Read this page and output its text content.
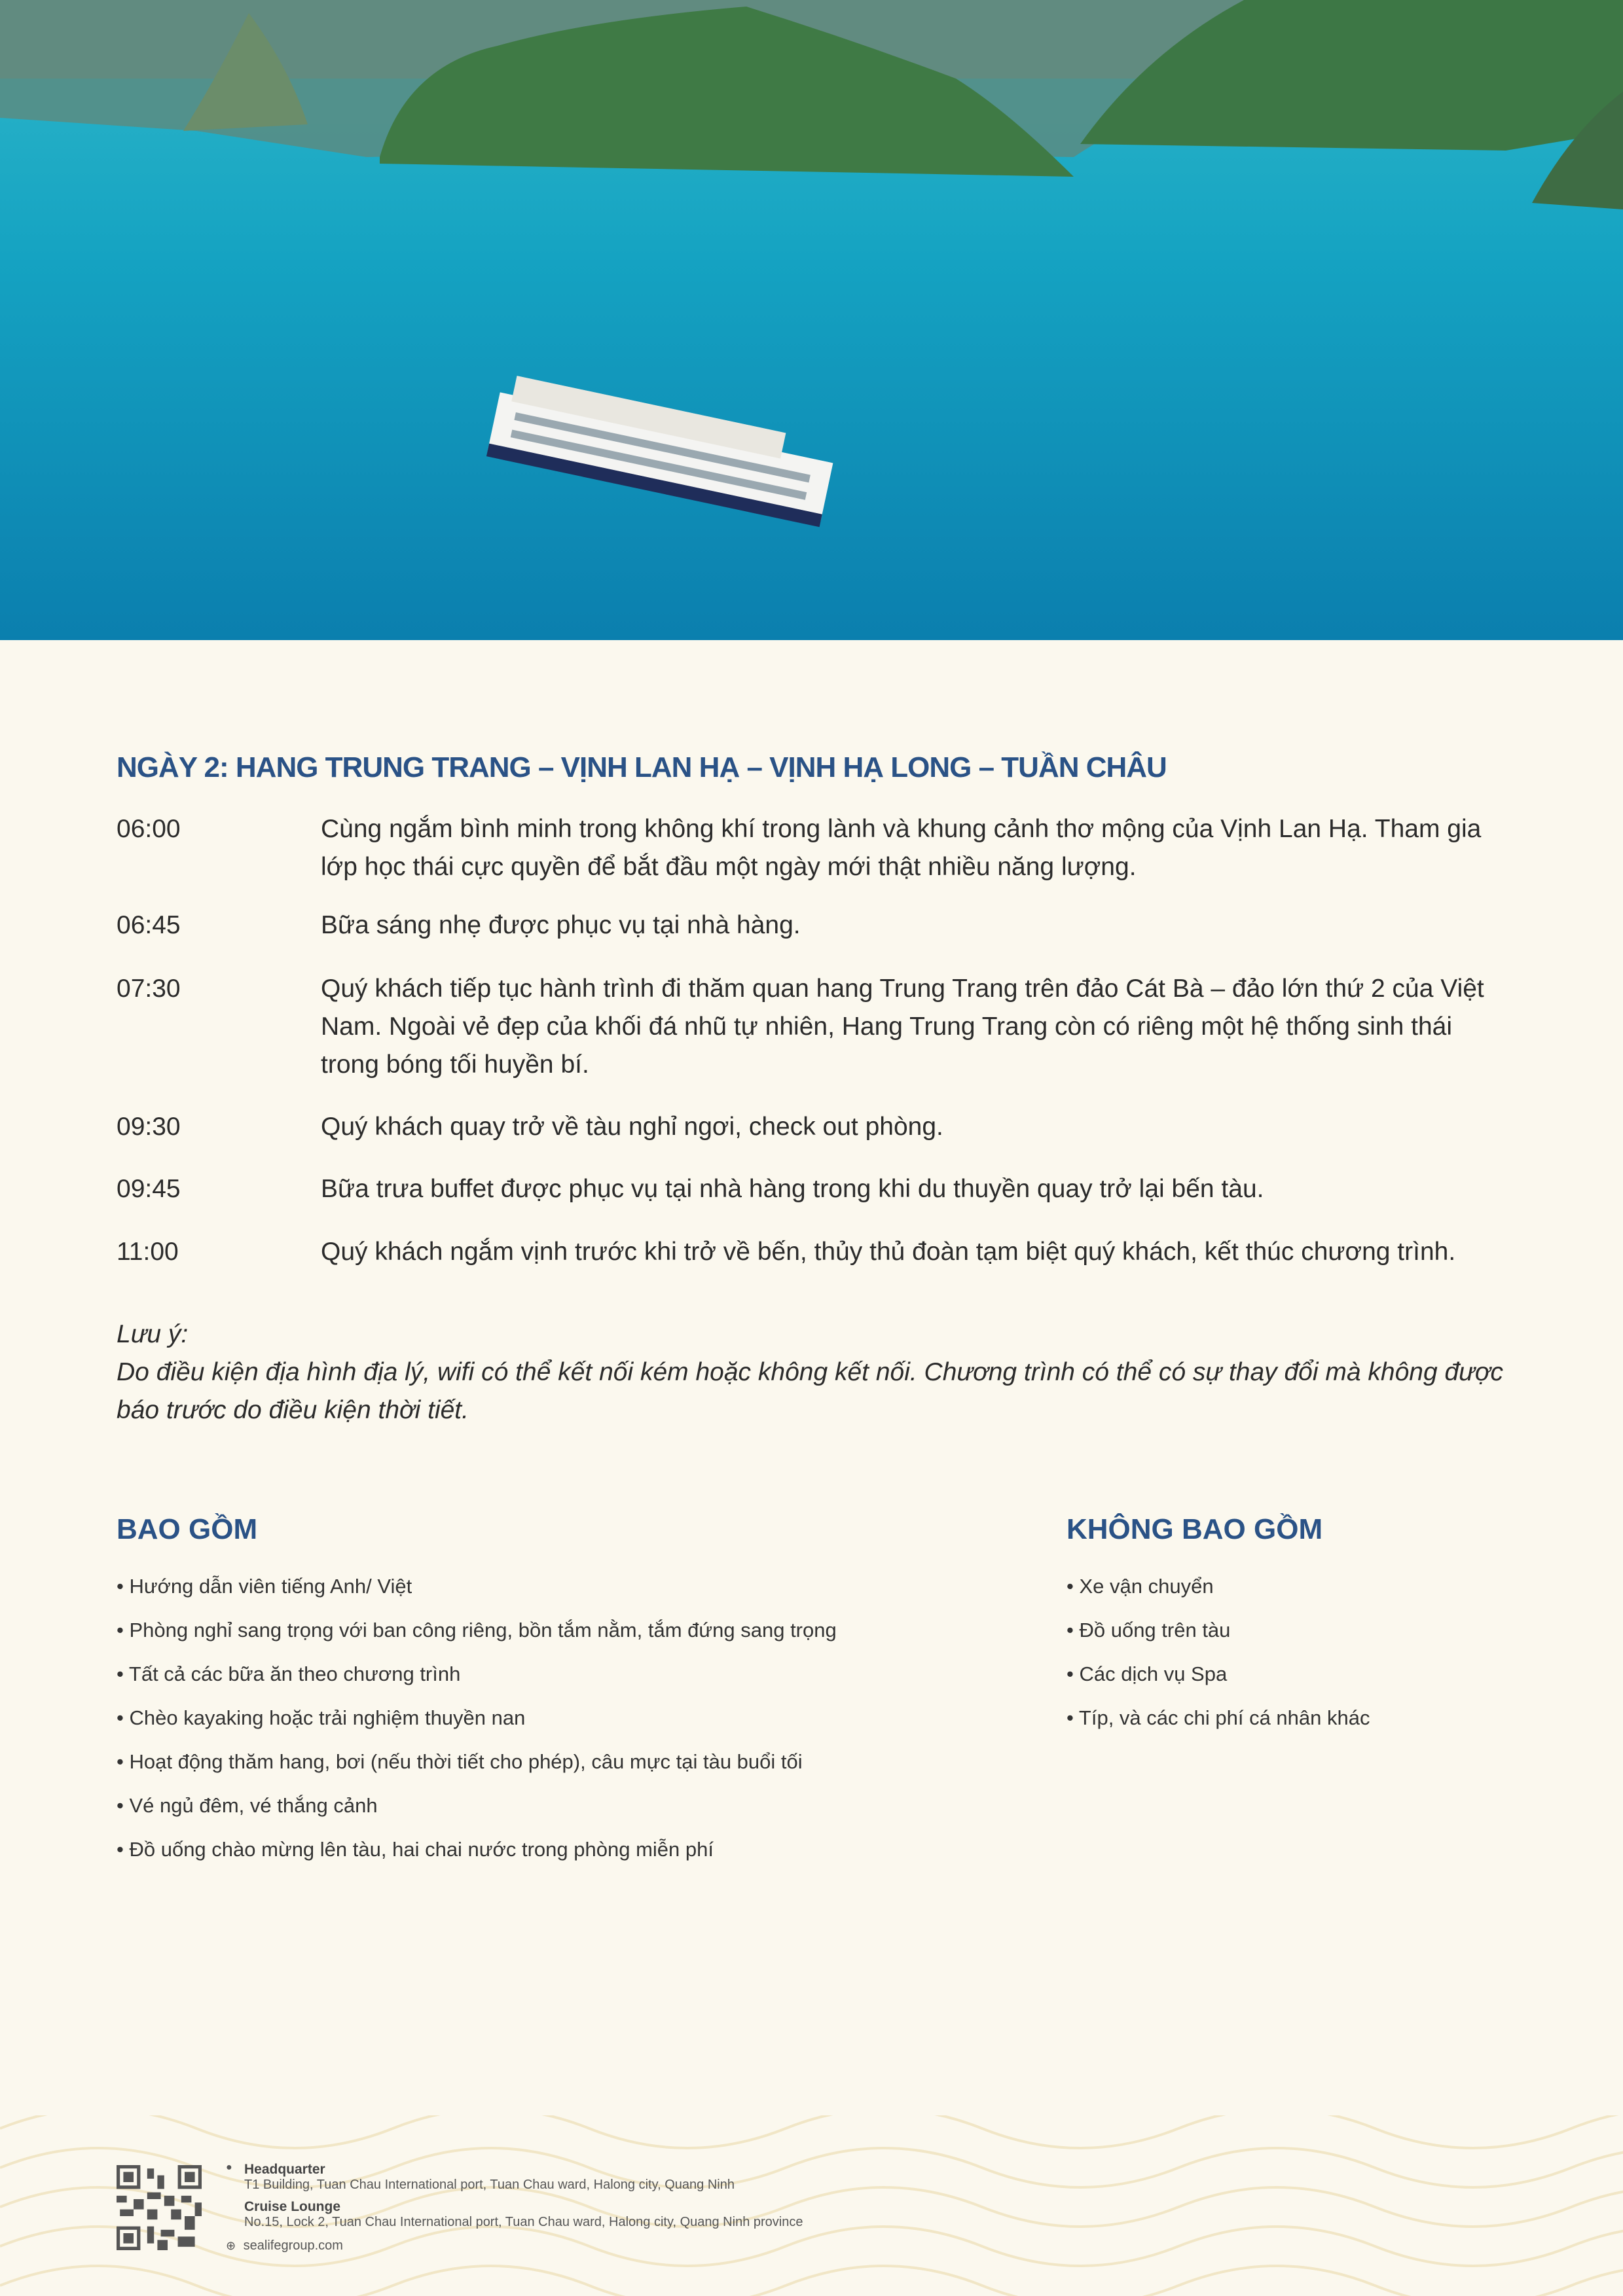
NGÀY 2: HANG TRUNG TRANG – VỊNH LAN HẠ – VỊNH HẠ LONG – TUẦN CHÂU
06:00	Cùng ngắm bình minh trong không khí trong lành và khung cảnh thơ mộng của Vịnh Lan Hạ. Tham gia lớp học thái cực quyền để bắt đầu một ngày mới thật nhiều năng lượng.
06:45	Bữa sáng nhẹ được phục vụ tại nhà hàng.
07:30	Quý khách tiếp tục hành trình đi thăm quan hang Trung Trang trên đảo Cát Bà – đảo lớn thứ 2 của Việt Nam. Ngoài vẻ đẹp của khối đá nhũ tự nhiên, Hang Trung Trang còn có riêng một hệ thống sinh thái trong bóng tối huyền bí.
09:30	Quý khách quay trở về tàu nghỉ ngơi, check out phòng.
09:45	Bữa trưa buffet được phục vụ tại nhà hàng trong khi du thuyền quay trở lại bến tàu.
11:00	Quý khách ngắm vịnh trước khi trở về bến, thủy thủ đoàn tạm biệt quý khách, kết thúc chương trình.
Lưu ý:
Do điều kiện địa hình địa lý, wifi có thể kết nối kém hoặc không kết nối. Chương trình có thể có sự thay đổi mà không được báo trước do điều kiện thời tiết.
BAO GỒM
• Hướng dẫn viên tiếng Anh/ Việt
• Phòng nghỉ sang trọng với ban công riêng, bồn tắm nằm, tắm đứng sang trọng
• Tất cả các bữa ăn theo chương trình
• Chèo kayaking hoặc trải nghiệm thuyền nan
• Hoạt động thăm hang, bơi (nếu thời tiết cho phép), câu mực tại tàu buổi tối
• Vé ngủ đêm, vé thắng cảnh
• Đồ uống chào mừng lên tàu, hai chai nước trong phòng miễn phí
KHÔNG BAO GỒM
• Xe vận chuyển
• Đồ uống trên tàu
• Các dịch vụ Spa
• Típ, và các chi phí cá nhân khác
● Headquarter
T1 Building, Tuan Chau International port, Tuan Chau ward, Halong city, Quang Ninh
Cruise Lounge
No.15, Lock 2, Tuan Chau International port, Tuan Chau ward, Halong city, Quang Ninh province
⊕ sealifegroup.com
